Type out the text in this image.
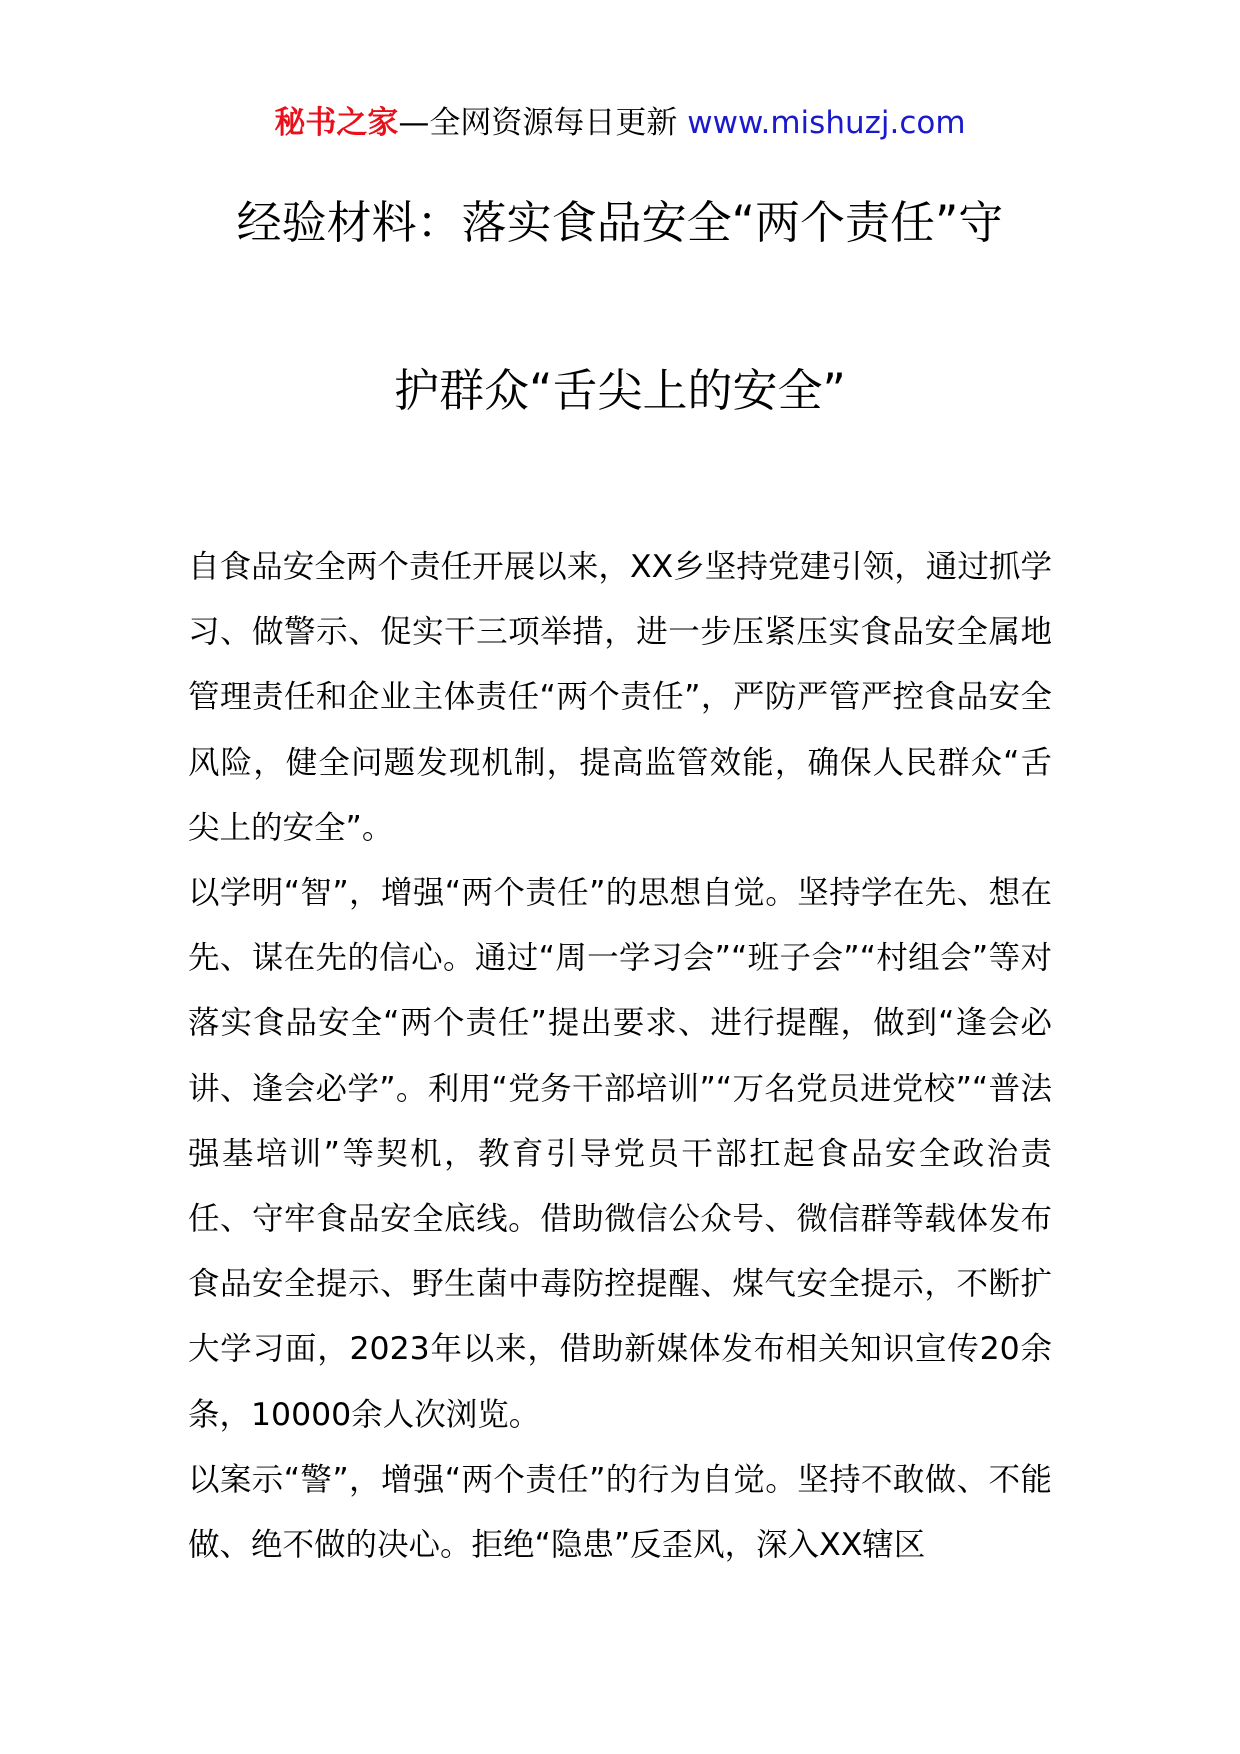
秘书之家—全网资源每日更新 www.mishuzj.com
经验材料：落实食品安全“两个责任”守
护群众“舌尖上的安全”

自食品安全两个责任开展以来，XX乡坚持党建引领，通过抓学习、做警示、促实干三项举措，进一步压紧压实食品安全属地管理责任和企业主体责任“两个责任”，严防严管严控食品安全风险，健全问题发现机制，提高监管效能，确保人民群众“舌尖上的安全”。

以学明“智”，增强“两个责任”的思想自觉。坚持学在先、想在先、谋在先的信心。通过“周一学习会”“班子会”“村组会”等对落实食品安全“两个责任”提出要求、进行提醒，做到“逢会必讲、逢会必学”。利用“党务干部培训”“万名党员进党校”“普法强基培训”等契机，教育引导党员干部扛起食品安全政治责任、守牢食品安全底线。借助微信公众号、微信群等载体发布食品安全提示、野生菌中毒防控提醒、煤气安全提示，不断扩大学习面，2023年以来，借助新媒体发布相关知识宣传20余条，10000余人次浏览。

以案示“警”，增强“两个责任”的行为自觉。坚持不敢做、不能做、绝不做的决心。拒绝“隐患”反歪风，深入XX辖区
